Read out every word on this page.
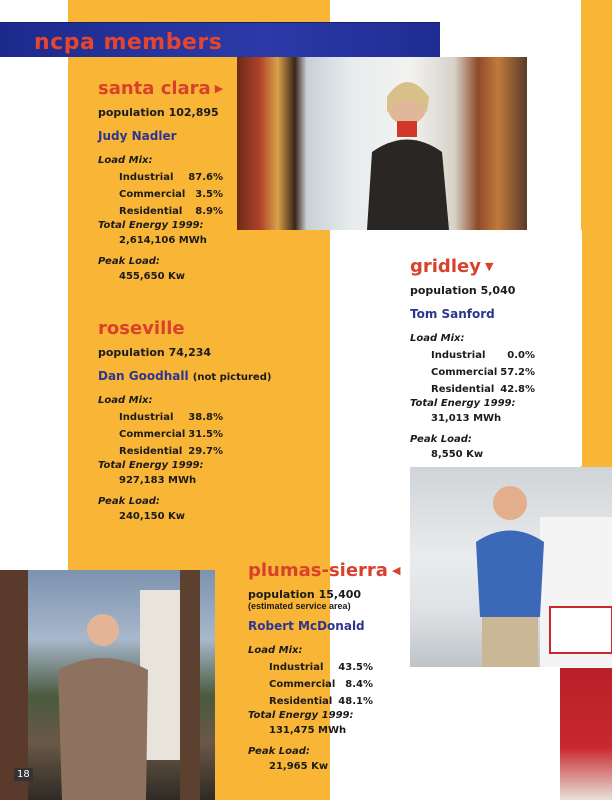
ncpa members
santa clara ▶
population 102,895
Judy Nadler
Load Mix:
Industrial	87.6%
Commercial 3.5%
Residential	8.9%
Total Energy 1999:
2,614,106 MWh
Peak Load:
455,650 Kw
roseville
population 74,234
Dan Goodhall (not pictured)
Load Mix:
Industrial	38.8%
Commercial 31.5%
Residential 29.7%
Total Energy 1999:
927,183 MWh
Peak Load:
240,150 Kw
gridley ▼
population 5,040
Tom Sanford
Load Mix:
Industrial	0.0%
Commercial 57.2%
Residential 42.8%
Total Energy 1999:
31,013 MWh
Peak Load:
8,550 Kw
plumas-sierra ◀
population 15,400
(estimated service area)
Robert McDonald
Load Mix:
Industrial	43.5%
Commercial 8.4%
Residential 48.1%
Total Energy 1999:
131,475 MWh
Peak Load:
21,965 Kw
18
